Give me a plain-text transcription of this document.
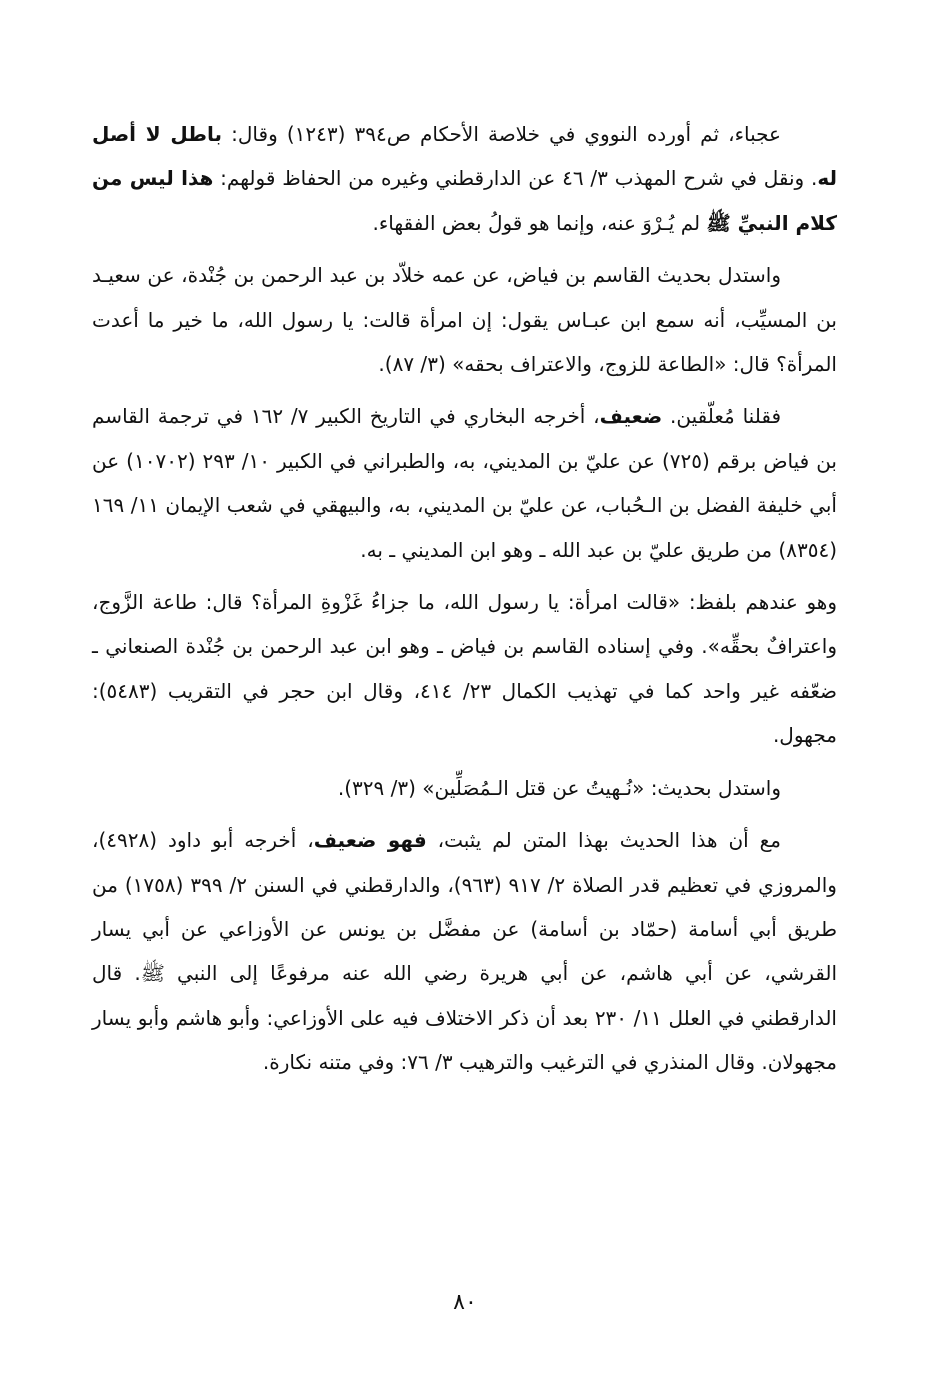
عجباء، ثم أورده النووي في خلاصة الأحكام ص٣٩٤ (١٢٤٣) وقال: باطل لا أصل له. ونقل في شرح المهذب ٣/ ٤٦ عن الدارقطني وغيره من الحفاظ قولهم: هذا ليس من كلام النبيِّ ﷺ لم يُـرْوَ عنه، وإنما هو قولُ بعض الفقهاء.

واستدل بحديث القاسم بن فياض، عن عمه خلاّد بن عبد الرحمن بن جُنْدة، عن سعيـد بن المسيِّب، أنه سمع ابن عبـاس يقول: إن امرأة قالت: يا رسول الله، ما خير ما أعدت المرأة؟ قال: «الطاعة للزوج، والاعتراف بحقه» (٣/ ٨٧).

فقلنا مُعلّقين. ضعيف، أخرجه البخاري في التاريخ الكبير ٧/ ١٦٢ في ترجمة القاسم بن فياض برقم (٧٢٥) عن عليّ بن المديني، به، والطبراني في الكبير ١٠/ ٢٩٣ (١٠٧٠٢) عن أبي خليفة الفضل بن الـحُباب، عن عليّ بن المديني، به، والبيهقي في شعب الإيمان ١١/ ١٦٩ (٨٣٥٤) من طريق عليّ بن عبد الله ـ وهو ابن المديني ـ به.

وهو عندهم بلفظ: «قالت امرأة: يا رسول الله، ما جزاءُ غَزْوةِ المرأة؟ قال: طاعة الزَّوج، واعترافٌ بحقِّه». وفي إسناده القاسم بن فياض ـ وهو ابن عبد الرحمن بن جُنْدة الصنعاني ـ ضعّفه غير واحد كما في تهذيب الكمال ٢٣/ ٤١٤، وقال ابن حجر في التقريب (٥٤٨٣): مجهول.

واستدل بحديث: «نُـهيتُ عن قتل الـمُصَلِّين» (٣/ ٣٢٩).

مع أن هذا الحديث بهذا المتن لم يثبت، فهو ضعيف، أخرجه أبو داود (٤٩٢٨)، والمروزي في تعظيم قدر الصلاة ٢/ ٩١٧ (٩٦٣)، والدارقطني في السنن ٢/ ٣٩٩ (١٧٥٨) من طريق أبي أسامة (حمّاد بن أسامة) عن مفضَّل بن يونس عن الأوزاعي عن أبي يسار القرشي، عن أبي هاشم، عن أبي هريرة رضي الله عنه مرفوعًا إلى النبي ﷺ. قال الدارقطني في العلل ١١/ ٢٣٠ بعد أن ذكر الاختلاف فيه على الأوزاعي: وأبو هاشم وأبو يسار مجهولان. وقال المنذري في الترغيب والترهيب ٣/ ٧٦: وفي متنه نكارة.

٨٠
